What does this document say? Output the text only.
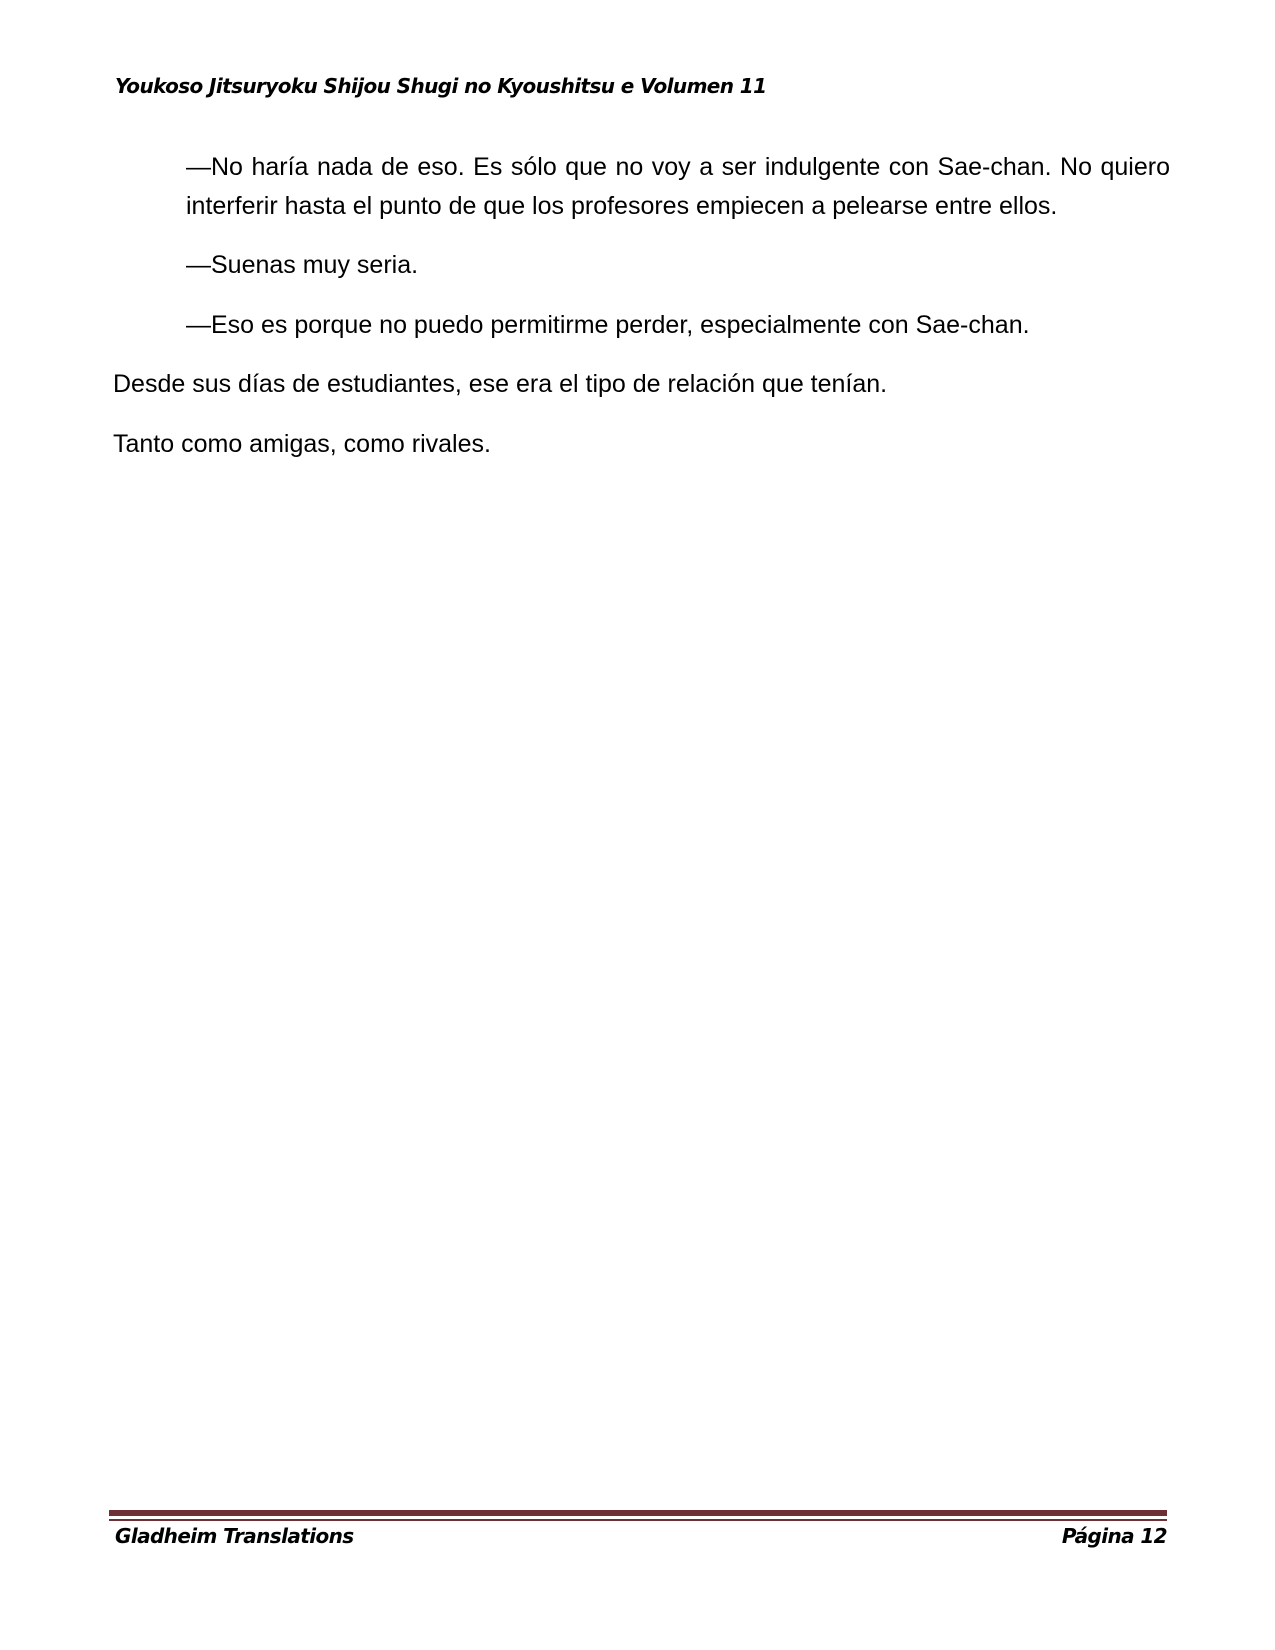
Youkoso Jitsuryoku Shijou Shugi no Kyoushitsu e Volumen 11

—No haría nada de eso. Es sólo que no voy a ser indulgente con Sae-chan. No quiero interferir hasta el punto de que los profesores empiecen a pelearse entre ellos.

—Suenas muy seria.

—Eso es porque no puedo permitirme perder, especialmente con Sae-chan.

Desde sus días de estudiantes, ese era el tipo de relación que tenían.

Tanto como amigas, como rivales.

Gladheim Translations	Página 12
